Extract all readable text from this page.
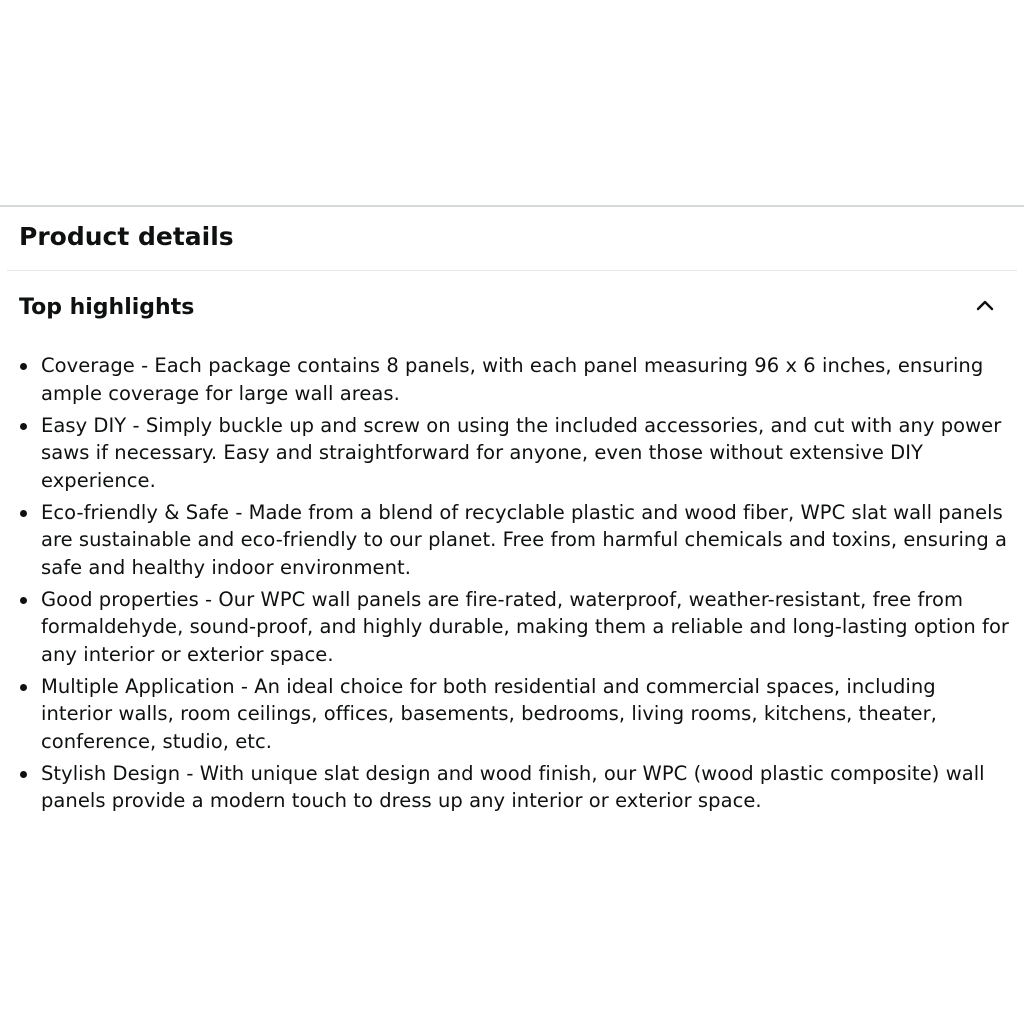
Product details
Top highlights
Coverage - Each package contains 8 panels, with each panel measuring 96 x 6 inches, ensuring ample coverage for large wall areas.
Easy DIY - Simply buckle up and screw on using the included accessories, and cut with any power saws if necessary. Easy and straightforward for anyone, even those without extensive DIY experience.
Eco-friendly & Safe - Made from a blend of recyclable plastic and wood fiber, WPC slat wall panels are sustainable and eco-friendly to our planet. Free from harmful chemicals and toxins, ensuring a safe and healthy indoor environment.
Good properties - Our WPC wall panels are fire-rated, waterproof, weather-resistant, free from formaldehyde, sound-proof, and highly durable, making them a reliable and long-lasting option for any interior or exterior space.
Multiple Application - An ideal choice for both residential and commercial spaces, including interior walls, room ceilings, offices, basements, bedrooms, living rooms, kitchens, theater, conference, studio, etc.
Stylish Design - With unique slat design and wood finish, our WPC (wood plastic composite) wall panels provide a modern touch to dress up any interior or exterior space.
